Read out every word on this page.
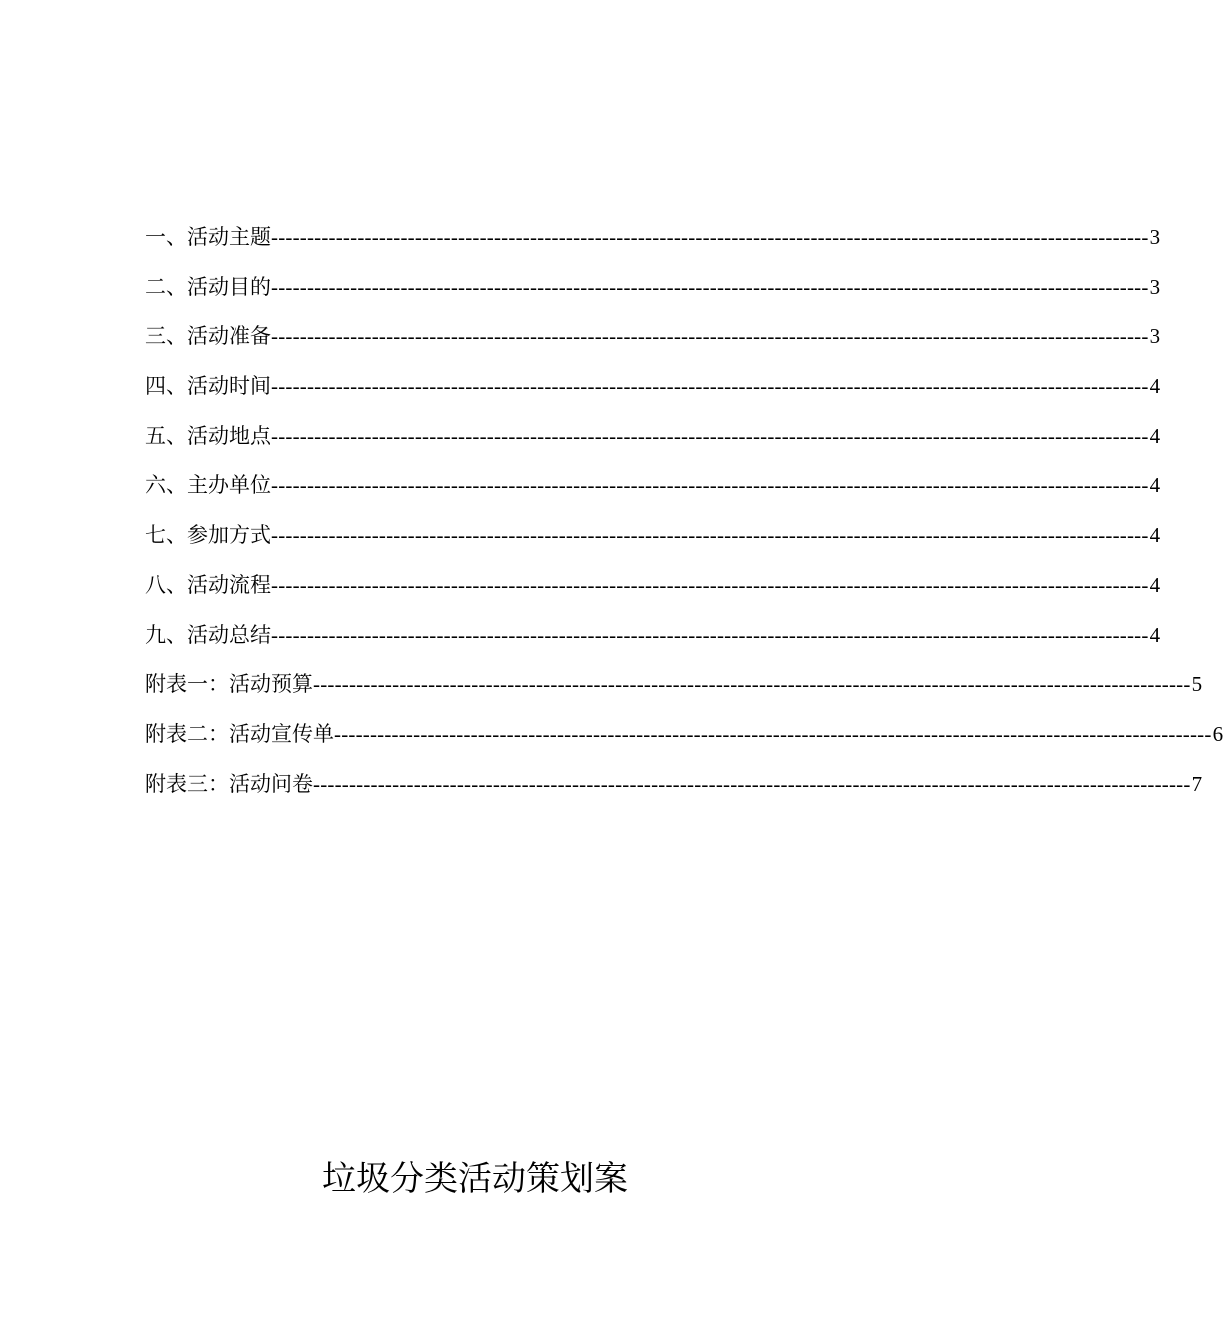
一、活动主题 -------------------------------------------------------------------------------------------------------------------------- 3
二、活动目的 -------------------------------------------------------------------------------------------------------------------------- 3
三、活动准备 -------------------------------------------------------------------------------------------------------------------------- 3
四、活动时间 -------------------------------------------------------------------------------------------------------------------------- 4
五、活动地点 -------------------------------------------------------------------------------------------------------------------------- 4
六、主办单位 -------------------------------------------------------------------------------------------------------------------------- 4
七、参加方式 -------------------------------------------------------------------------------------------------------------------------- 4
八、活动流程 -------------------------------------------------------------------------------------------------------------------------- 4
九、活动总结 -------------------------------------------------------------------------------------------------------------------------- 4
附表一：活动预算 -------------------------------------------------------------------------------------------------------------------------- 5
附表二：活动宣传单 -------------------------------------------------------------------------------------------------------------------------- 6
附表三：活动问卷 -------------------------------------------------------------------------------------------------------------------------- 7
垃圾分类活动策划案
